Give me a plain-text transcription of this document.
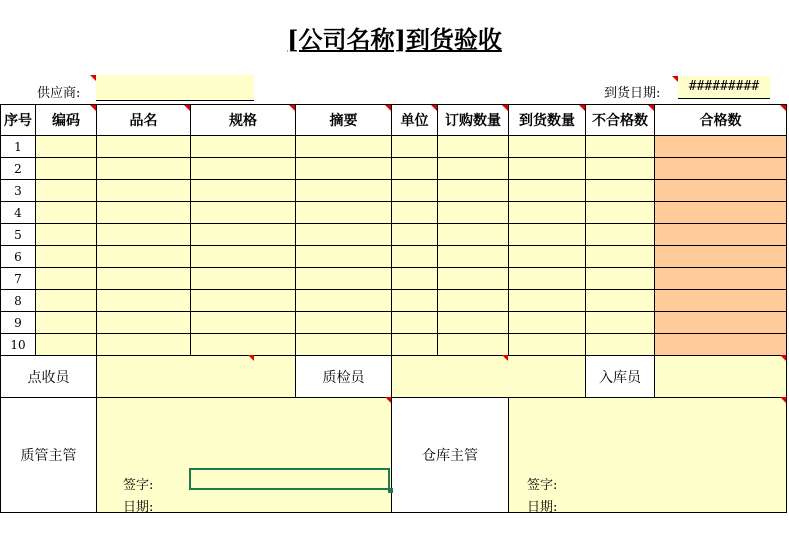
[公司名称]到货验收
供应商:	到货日期:	#########
序号	编码	品名	规格	摘要	单位	订购数量	到货数量	不合格数	合格数
1									
2									
3									
4									
5									
6									
7									
8									
9									
10									
点收员				质检员				入库员	
质管主管					仓库主管				
签字:
日期:
签字:
日期:
